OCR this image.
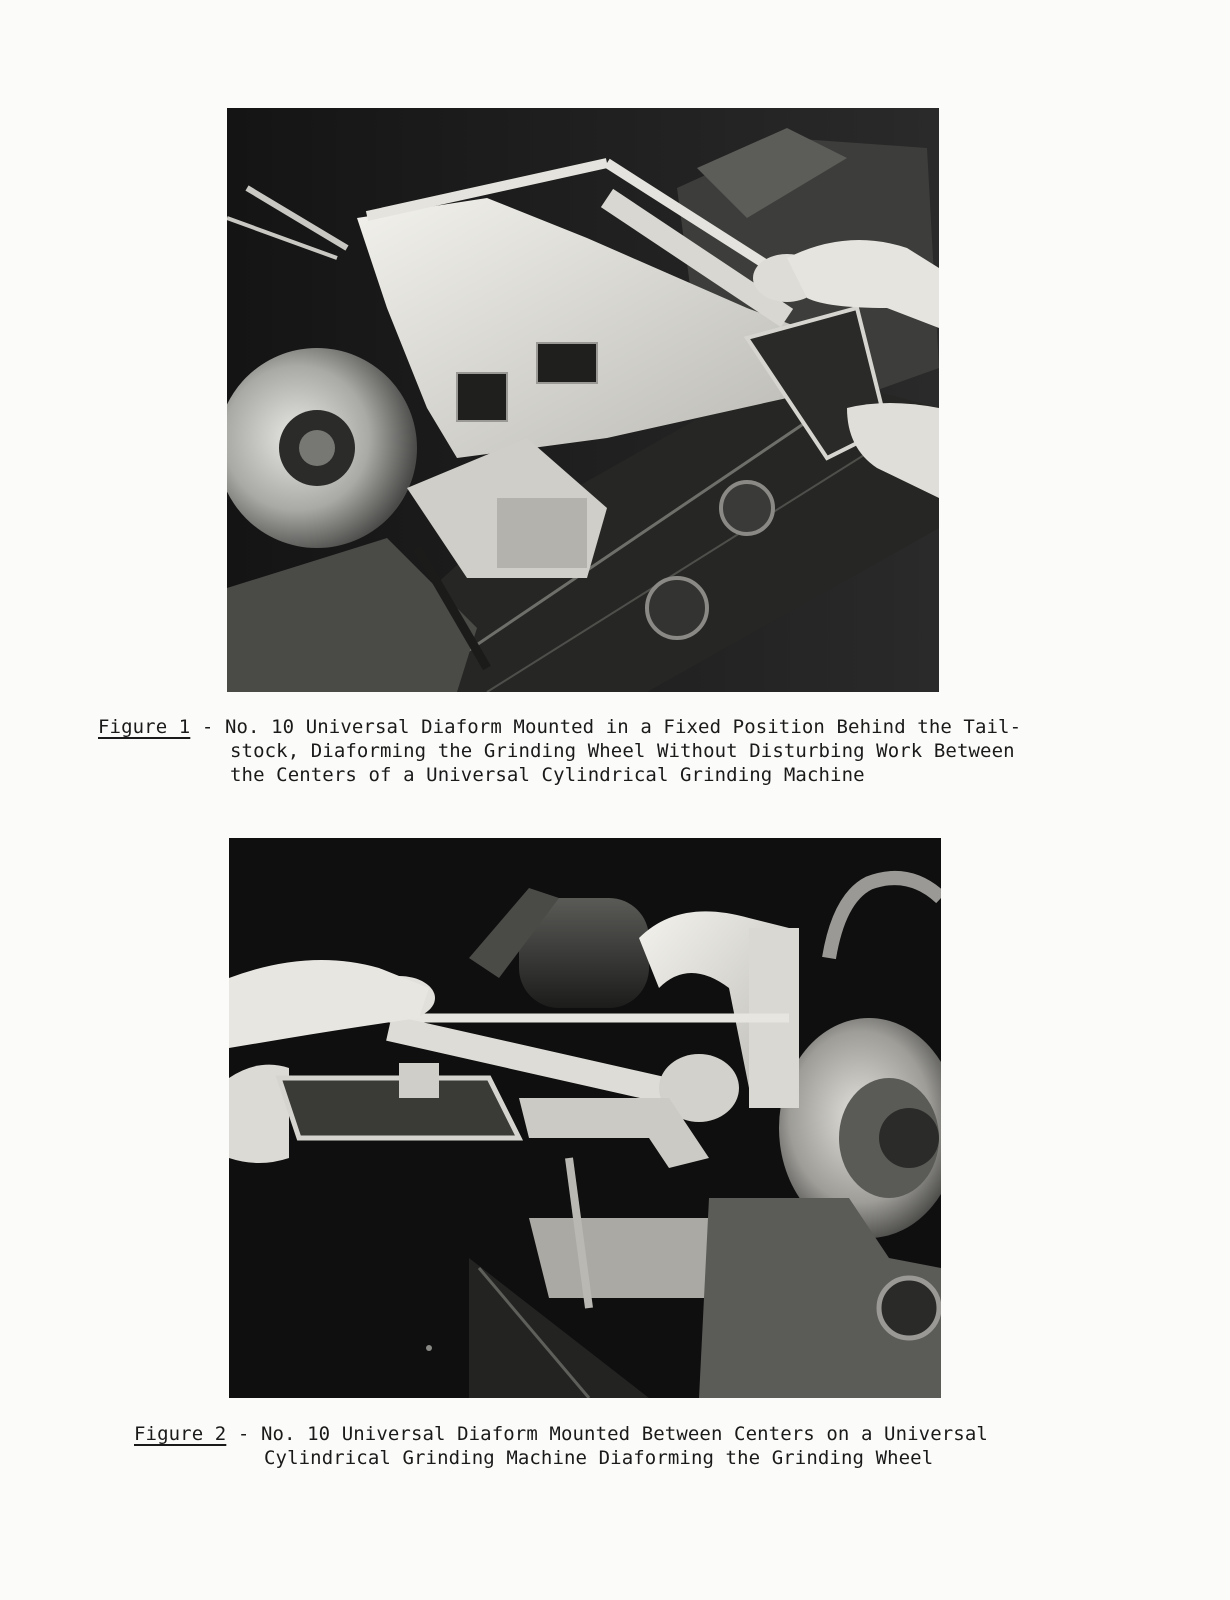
Figure 1 - No. 10 Universal Diaform Mounted in a Fixed Position Behind the Tail-
stock, Diaforming the Grinding Wheel Without Disturbing Work Between
the Centers of a Universal Cylindrical Grinding Machine
Figure 2 - No. 10 Universal Diaform Mounted Between Centers on a Universal
Cylindrical Grinding Machine Diaforming the Grinding Wheel
